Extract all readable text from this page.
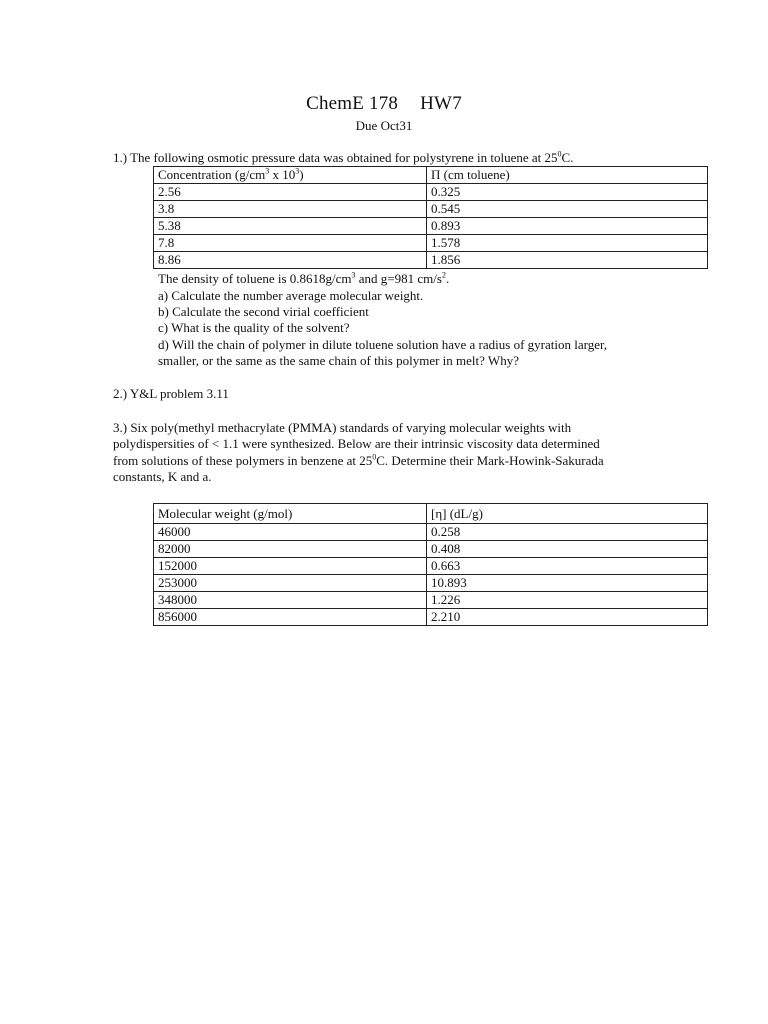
ChemE 178 HW7
Due Oct31
1.) The following osmotic pressure data was obtained for polystyrene in toluene at $25^0C$.
Concentration ($g/cm^3$ x $10^3$)	Π (cm toluene)
2.56	0.325
3.8	0.545
5.38	0.893
7.8	1.578
8.86	1.856
The density of toluene is $0.8618g/cm^3$ and g=981 $cm/s^2$.
a) Calculate the number average molecular weight.
b) Calculate the second virial coefficient
c) What is the quality of the solvent?
d) Will the chain of polymer in dilute toluene solution have a radius of gyration larger,
smaller, or the same as the same chain of this polymer in melt? Why?
2.) Y&L problem 3.11
3.) Six poly(methyl methacrylate (PMMA) standards of varying molecular weights with
polydispersities of < 1.1 were synthesized. Below are their intrinsic viscosity data determined
from solutions of these polymers in benzene at $25^0C$. Determine their Mark-Howink-Sakurada
constants, K and a.
Molecular weight (g/mol)	[η] (dL/g)
46000	0.258
82000	0.408
152000	0.663
253000	10.893
348000	1.226
856000	2.210
